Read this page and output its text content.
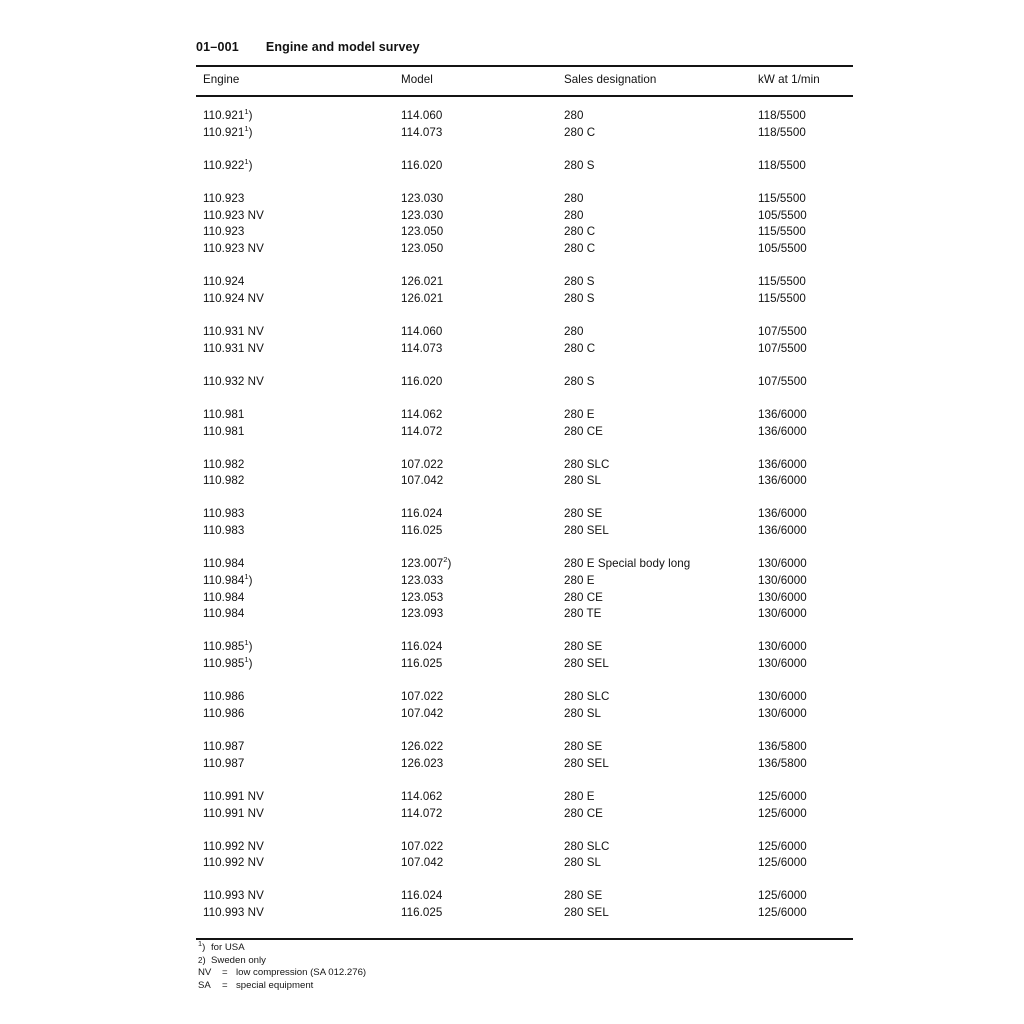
01–001 Engine and model survey
Engine	Model	Sales designation	kW at 1/min
110.921$^1$)	114.060	280	118/5500
110.921$^1$)	114.073	280 C	118/5500
110.922$^1$)	116.020	280 S	118/5500
110.923	123.030	280	115/5500
110.923 NV	123.030	280	105/5500
110.923	123.050	280 C	115/5500
110.923 NV	123.050	280 C	105/5500
110.924	126.021	280 S	115/5500
110.924 NV	126.021	280 S	115/5500
110.931 NV	114.060	280	107/5500
110.931 NV	114.073	280 C	107/5500
110.932 NV	116.020	280 S	107/5500
110.981	114.062	280 E	136/6000
110.981	114.072	280 CE	136/6000
110.982	107.022	280 SLC	136/6000
110.982	107.042	280 SL	136/6000
110.983	116.024	280 SE	136/6000
110.983	116.025	280 SEL	136/6000
110.984	123.007$^2$)	280 E Special body long	130/6000
110.984$^1$)	123.033	280 E	130/6000
110.984	123.053	280 CE	130/6000
110.984	123.093	280 TE	130/6000
110.985$^1$)	116.024	280 SE	130/6000
110.985$^1$)	116.025	280 SEL	130/6000
110.986	107.022	280 SLC	130/6000
110.986	107.042	280 SL	130/6000
110.987	126.022	280 SE	136/5800
110.987	126.023	280 SEL	136/5800
110.991 NV	114.062	280 E	125/6000
110.991 NV	114.072	280 CE	125/6000
110.992 NV	107.022	280 SLC	125/6000
110.992 NV	107.042	280 SL	125/6000
110.993 NV	116.024	280 SE	125/6000
110.993 NV	116.025	280 SEL	125/6000
$^1$) for USA
2) Sweden only
NV = low compression (SA 012.276)
SA = special equipment
